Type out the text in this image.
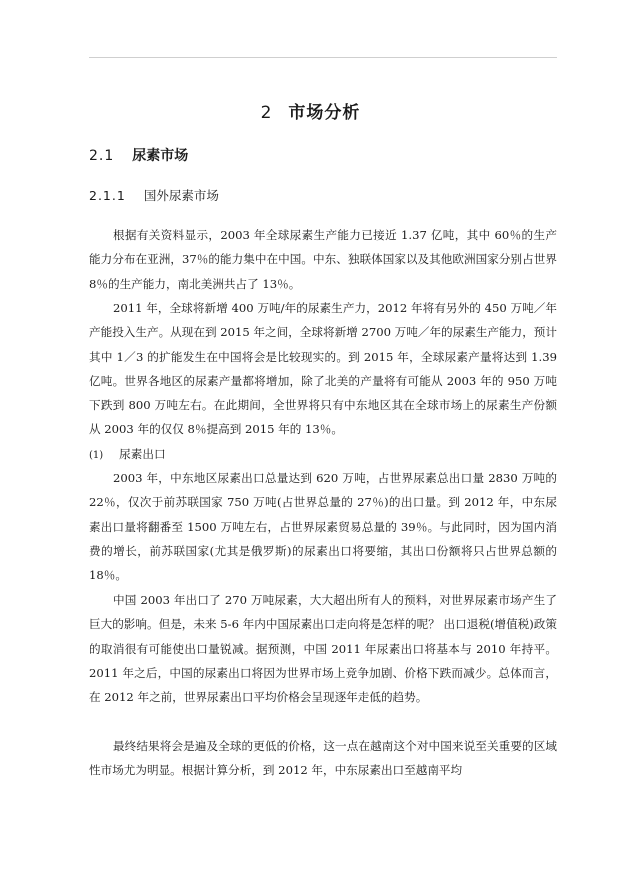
2 市场分析
2.1 尿素市场
2.1.1 国外尿素市场

根据有关资料显示，2003 年全球尿素生产能力已接近 1.37 亿吨，其中 60％的生产能力分布在亚洲，37％的能力集中在中国。中东、独联体国家以及其他欧洲国家分别占世界 8％的生产能力，南北美洲共占了 13％。

2011 年，全球将新增 400 万吨/年的尿素生产力，2012 年将有另外的 450 万吨／年产能投入生产。从现在到 2015 年之间，全球将新增 2700 万吨／年的尿素生产能力，预计其中 1／3 的扩能发生在中国将会是比较现实的。到 2015 年，全球尿素产量将达到 1.39 亿吨。世界各地区的尿素产量都将增加，除了北美的产量将有可能从 2003 年的 950 万吨下跌到 800 万吨左右。在此期间，全世界将只有中东地区其在全球市场上的尿素生产份额从 2003 年的仅仅 8％提高到 2015 年的 13％。

(1) 尿素出口

2003 年，中东地区尿素出口总量达到 620 万吨，占世界尿素总出口量 2830 万吨的 22％，仅次于前苏联国家 750 万吨(占世界总量的 27％)的出口量。到 2012 年，中东尿素出口量将翻番至 1500 万吨左右，占世界尿素贸易总量的 39％。与此同时，因为国内消费的增长，前苏联国家(尤其是俄罗斯)的尿素出口将要缩，其出口份额将只占世界总额的 18％。

中国 2003 年出口了 270 万吨尿素，大大超出所有人的预料，对世界尿素市场产生了巨大的影响。但是，未来 5-6 年内中国尿素出口走向将是怎样的呢？ 出口退税(增值税)政策的取消很有可能使出口量锐减。据预测，中国 2011 年尿素出口将基本与 2010 年持平。2011 年之后，中国的尿素出口将因为世界市场上竞争加剧、价格下跌而减少。总体而言，在 2012 年之前，世界尿素出口平均价格会呈现逐年走低的趋势。

最终结果将会是遍及全球的更低的价格，这一点在越南这个对中国来说至关重要的区域性市场尤为明显。根据计算分析，到 2012 年，中东尿素出口至越南平均
